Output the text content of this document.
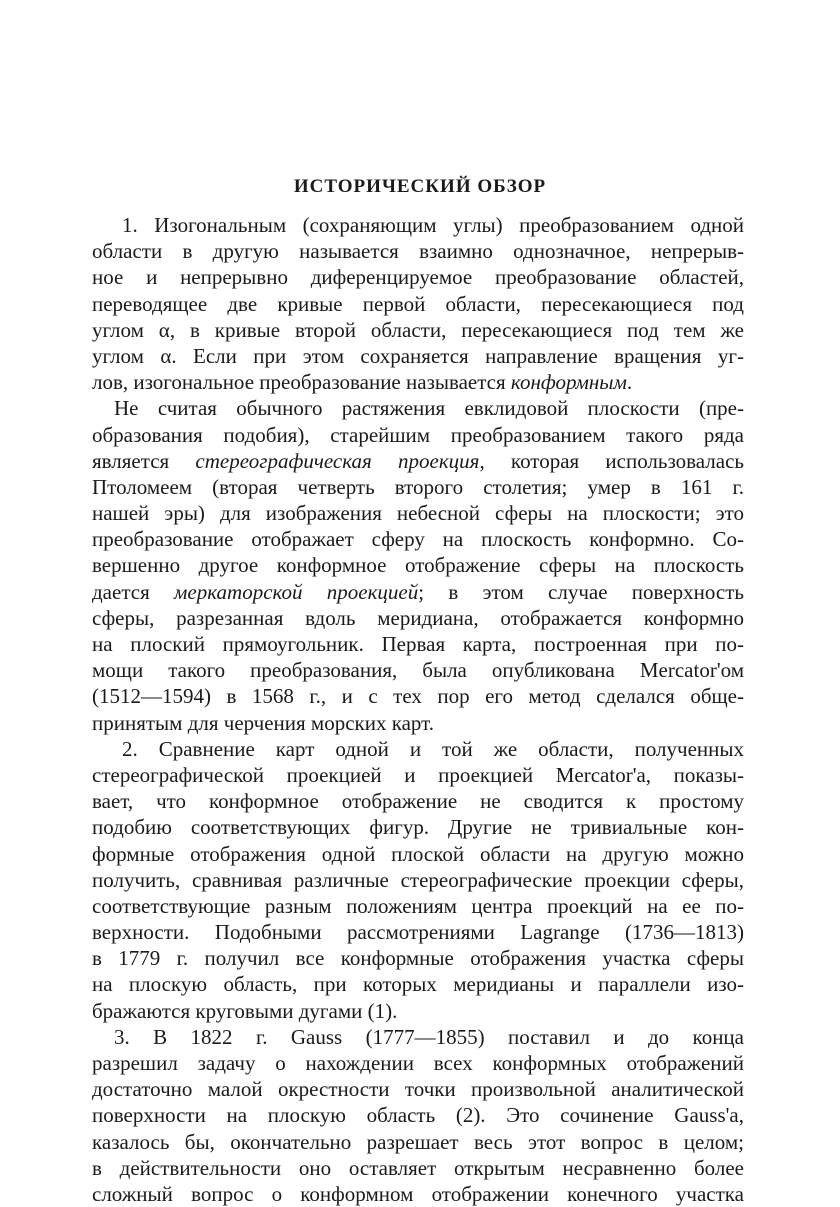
ИСТОРИЧЕСКИЙ ОБЗОР
1. Изогональным (сохраняющим углы) преобразованием одной
области в другую называется взаимно однозначное, непрерыв-
ное и непрерывно диференцируемое преобразование областей,
переводящее две кривые первой области, пересекающиеся под
углом α, в кривые второй области, пересекающиеся под тем же
углом α. Если при этом сохраняется направление вращения уг-
лов, изогональное преобразование называется конформным.
Не считая обычного растяжения евклидовой плоскости (пре-
образования подобия), старейшим преобразованием такого ряда
является стереографическая проекция, которая использовалась
Птоломеем (вторая четверть второго столетия; умер в 161 г.
нашей эры) для изображения небесной сферы на плоскости; это
преобразование отображает сферу на плоскость конформно. Со-
вершенно другое конформное отображение сферы на плоскость
дается меркаторской проекцией; в этом случае поверхность
сферы, разрезанная вдоль меридиана, отображается конформно
на плоский прямоугольник. Первая карта, построенная при по-
мощи такого преобразования, была опубликована Mercator'ом
(1512—1594) в 1568 г., и с тех пор его метод сделался обще-
принятым для черчения морских карт.
2. Сравнение карт одной и той же области, полученных
стереографической проекцией и проекцией Mercator'а, показы-
вает, что конформное отображение не сводится к простому
подобию соответствующих фигур. Другие не тривиальные кон-
формные отображения одной плоской области на другую можно
получить, сравнивая различные стереографические проекции сферы,
соответствующие разным положениям центра проекций на ее по-
верхности. Подобными рассмотрениями Lagrange (1736—1813)
в 1779 г. получил все конформные отображения участка сферы
на плоскую область, при которых меридианы и параллели изо-
бражаются круговыми дугами (1).
3. В 1822 г. Gauss (1777—1855) поставил и до конца
разрешил задачу о нахождении всех конформных отображений
достаточно малой окрестности точки произвольной аналитической
поверхности на плоскую область (2). Это сочинение Gauss'а,
казалось бы, окончательно разрешает весь этот вопрос в целом;
в действительности оно оставляет открытым несравненно более
сложный вопрос о конформном отображении конечного участка
